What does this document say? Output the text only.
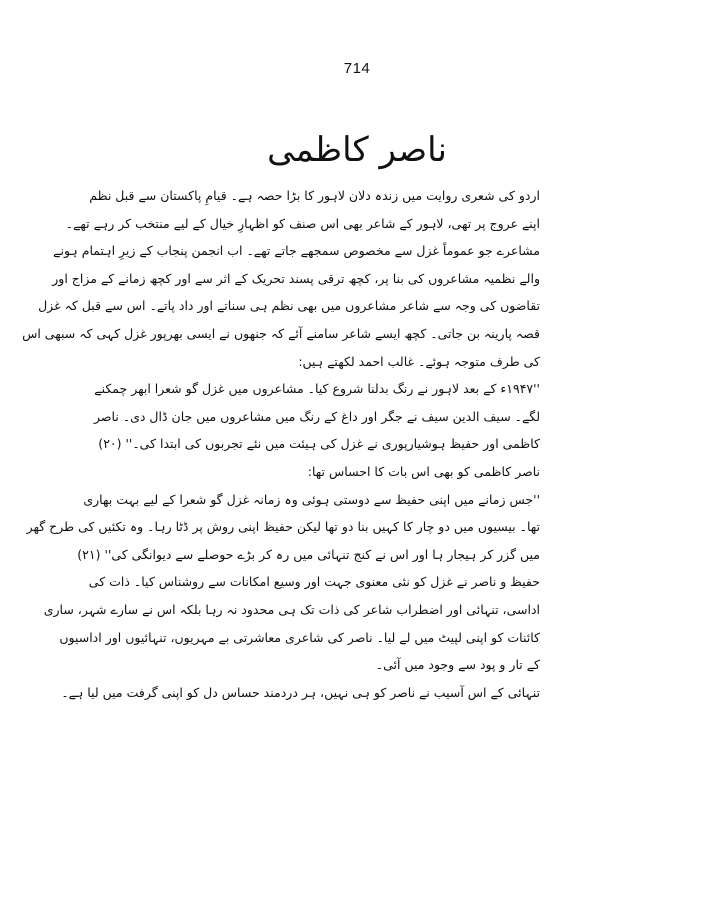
714
ناصر کاظمی
اردو کی شعری روایت میں زندہ دلان لاہور کا بڑا حصہ ہے۔ قیامِ پاکستان سے قبل نظم
اپنے عروج پر تھی، لاہور کے شاعر بھی اس صنف کو اظہارِ خیال کے لیے منتخب کر رہے تھے۔
مشاعرے جو عموماً غزل سے مخصوص سمجھے جاتے تھے۔ اب انجمن پنجاب کے زیرِ اہتمام ہونے
والے نظمیہ مشاعروں کی بنا پر، کچھ ترقی پسند تحریک کے اثر سے اور کچھ زمانے کے مزاج اور
تقاضوں کی وجہ سے شاعر مشاعروں میں بھی نظم ہی سناتے اور داد پاتے۔ اس سے قبل کہ غزل
قصہ پارینہ بن جاتی۔ کچھ ایسے شاعر سامنے آئے کہ جنھوں نے ایسی بھرپور غزل کہی کہ سبھی اس
کی طرف متوجہ ہوئے۔ غالب احمد لکھتے ہیں:
''۱۹۴۷ء کے بعد لاہور نے رنگ بدلنا شروع کیا۔ مشاعروں میں غزل گو شعرا ابھر چمکنے
لگے۔ سیف الدین سیف نے جگر اور داغ کے رنگ میں مشاعروں میں جان ڈال دی۔ ناصر
کاظمی اور حفیظ ہوشیارپوری نے غزل کی ہیئت میں نئے تجربوں کی ابتدا کی۔'' (۲۰)
ناصر کاظمی کو بھی اس بات کا احساس تھا:
''جس زمانے میں اپنی حفیظ سے دوستی ہوئی وہ زمانہ غزل گو شعرا کے لیے بہت بھاری
تھا۔ بیسیوں میں دو چار کا کہیں بنا دو تھا لیکن حفیظ اپنی روش پر ڈٹا رہا۔ وہ تکئیں کی طرح گھر
میں گزر کر ہیجار ہا اور اس نے کنج تنہائی میں رہ کر بڑے حوصلے سے دیوانگی کی'' (۲۱)
حفیظ و ناصر نے غزل کو نئی معنوی جہت اور وسیع امکانات سے روشناس کیا۔ ذات کی
اداسی، تنہائی اور اضطراب شاعر کی ذات تک ہی محدود نہ رہا بلکہ اس نے سارے شہر، ساری
کائنات کو اپنی لپیٹ میں لے لیا۔ ناصر کی شاعری معاشرتی بے مہریوں، تنہائیوں اور اداسیوں
کے تار و پود سے وجود میں آئی۔
تنہائی کے اس آسیب نے ناصر کو ہی نہیں، ہر دردمند حساس دل کو اپنی گرفت میں لیا ہے۔
